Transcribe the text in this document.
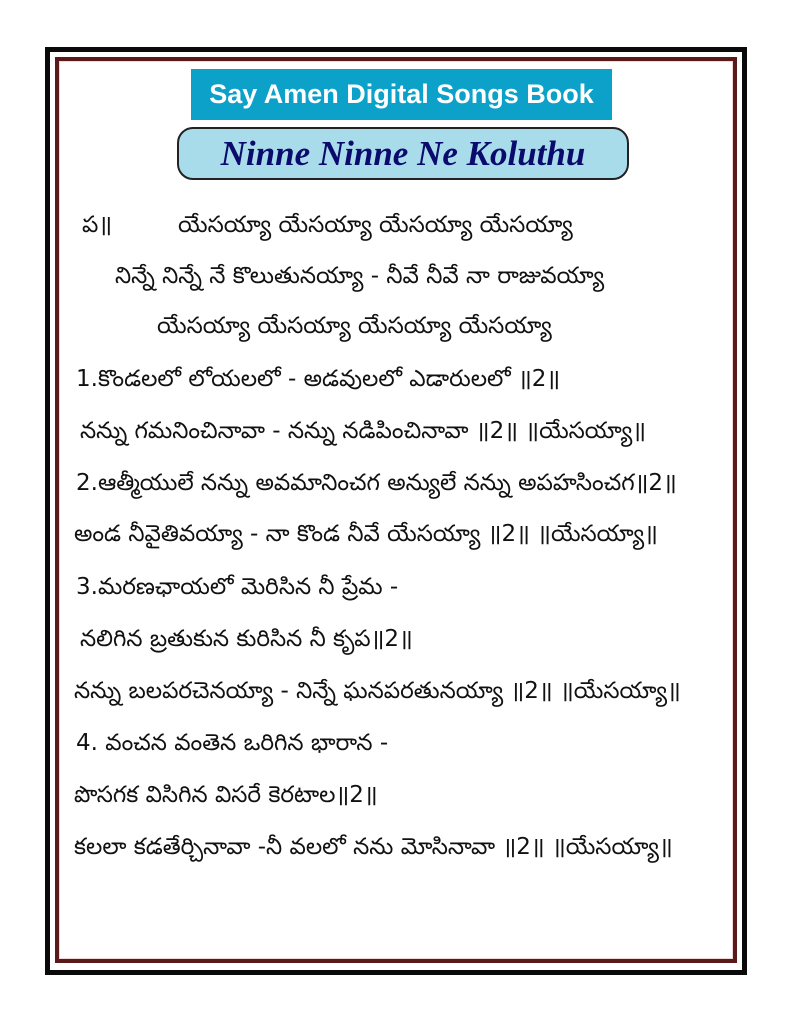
Say Amen Digital Songs Book
Ninne Ninne Ne Koluthu
ప॥	యేసయ్యా యేసయ్యా యేసయ్యా యేసయ్యా
నిన్నే నిన్నే నే కొలుతునయ్యా - నీవే నీవే నా రాజువయ్యా
యేసయ్యా యేసయ్యా యేసయ్యా యేసయ్యా
1.కొండలలో లోయలలో - అడవులలో ఎడారులలో ॥2॥
నన్ను గమనించినావా - నన్ను నడిపించినావా ॥2॥ ॥యేసయ్యా॥
2.ఆత్మీయులే నన్ను అవమానించగ అన్యులే నన్ను అపహసించగ॥2॥
అండ నీవైతివయ్యా - నా కొండ నీవే యేసయ్యా ॥2॥ ॥యేసయ్యా॥
3.మరణఛాయలో మెరిసిన నీ ప్రేమ -
నలిగిన బ్రతుకున కురిసిన నీ కృప॥2॥
నన్ను బలపరచెనయ్యా - నిన్నే ఘనపరతునయ్యా ॥2॥ ॥యేసయ్యా॥
4. వంచన వంతెన ఒరిగిన భారాన -
పొసగక విసిగిన విసరే కెరటాల॥2॥
కలలా కడతేర్చినావా -నీ వలలో నను మోసినావా ॥2॥ ॥యేసయ్యా॥
